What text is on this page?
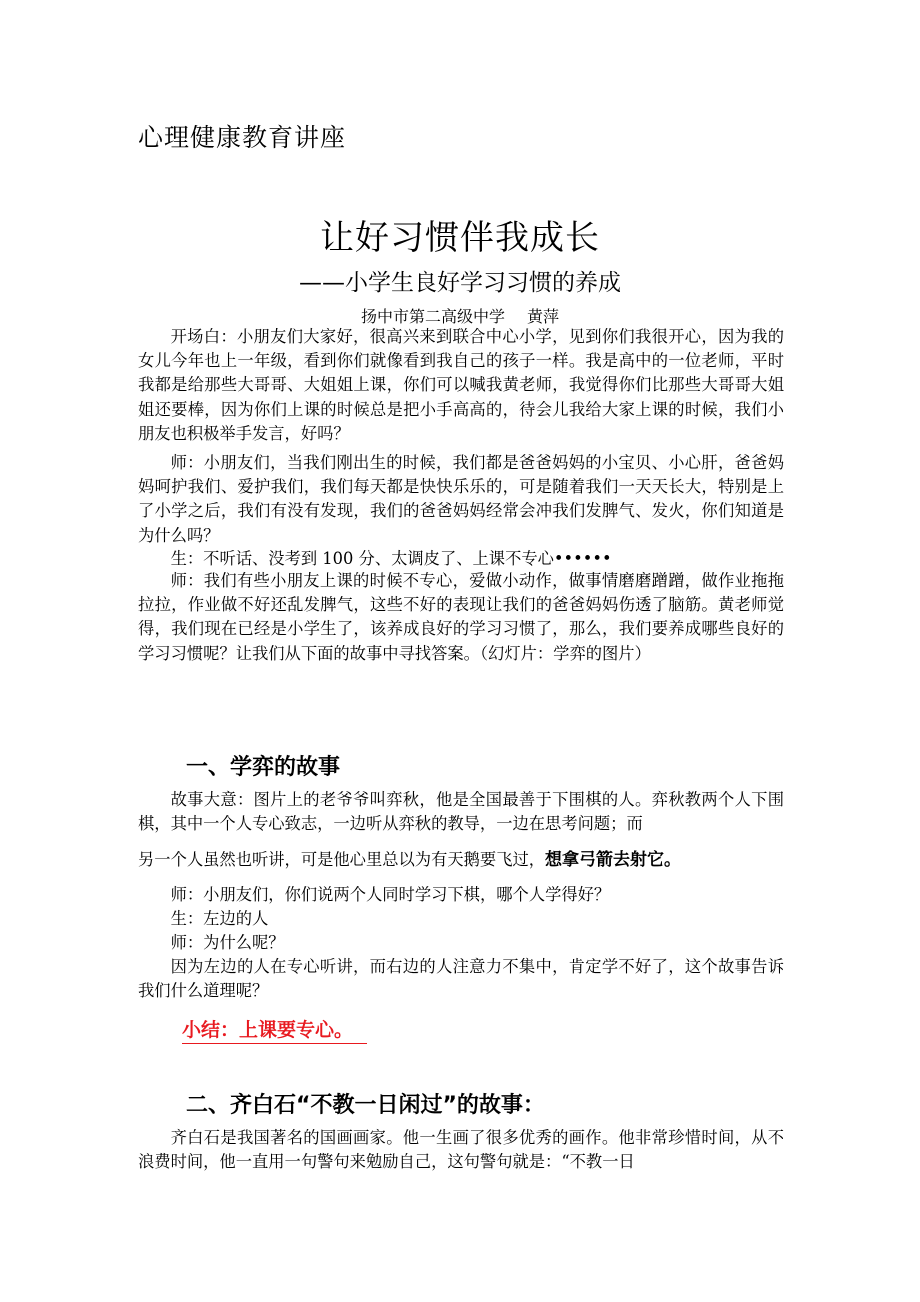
心理健康教育讲座
让好习惯伴我成长
——小学生良好学习习惯的养成
扬中市第二高级中学 黄萍

开场白：小朋友们大家好，很高兴来到联合中心小学，见到你们我很开心，因为我的女儿今年也上一年级，看到你们就像看到我自己的孩子一样。我是高中的一位老师，平时我都是给那些大哥哥、大姐姐上课，你们可以喊我黄老师，我觉得你们比那些大哥哥大姐姐还要棒，因为你们上课的时候总是把小手高高的，待会儿我给大家上课的时候，我们小朋友也积极举手发言，好吗？

师：小朋友们，当我们刚出生的时候，我们都是爸爸妈妈的小宝贝、小心肝，爸爸妈妈呵护我们、爱护我们，我们每天都是快快乐乐的，可是随着我们一天天长大，特别是上了小学之后，我们有没有发现，我们的爸爸妈妈经常会冲我们发脾气、发火，你们知道是为什么吗？

生：不听话、没考到 100 分、太调皮了、上课不专心••••••

师：我们有些小朋友上课的时候不专心，爱做小动作，做事情磨磨蹭蹭，做作业拖拖拉拉，作业做不好还乱发脾气，这些不好的表现让我们的爸爸妈妈伤透了脑筋。黄老师觉得，我们现在已经是小学生了，该养成良好的学习习惯了，那么，我们要养成哪些良好的学习习惯呢？让我们从下面的故事中寻找答案。（幻灯片：学弈的图片）

一、学弈的故事

故事大意：图片上的老爷爷叫弈秋，他是全国最善于下围棋的人。弈秋教两个人下围棋，其中一个人专心致志，一边听从弈秋的教导，一边在思考问题；而

另一个人虽然也听讲，可是他心里总以为有天鹅要飞过，想拿弓箭去射它。

师：小朋友们，你们说两个人同时学习下棋，哪个人学得好？

生：左边的人

师：为什么呢？

因为左边的人在专心听讲，而右边的人注意力不集中，肯定学不好了，这个故事告诉我们什么道理呢？

小结：上课要专心。
二、齐白石“不教一日闲过”的故事：

齐白石是我国著名的国画画家。他一生画了很多优秀的画作。他非常珍惜时间，从不浪费时间，他一直用一句警句来勉励自己，这句警句就是：“不教一日
